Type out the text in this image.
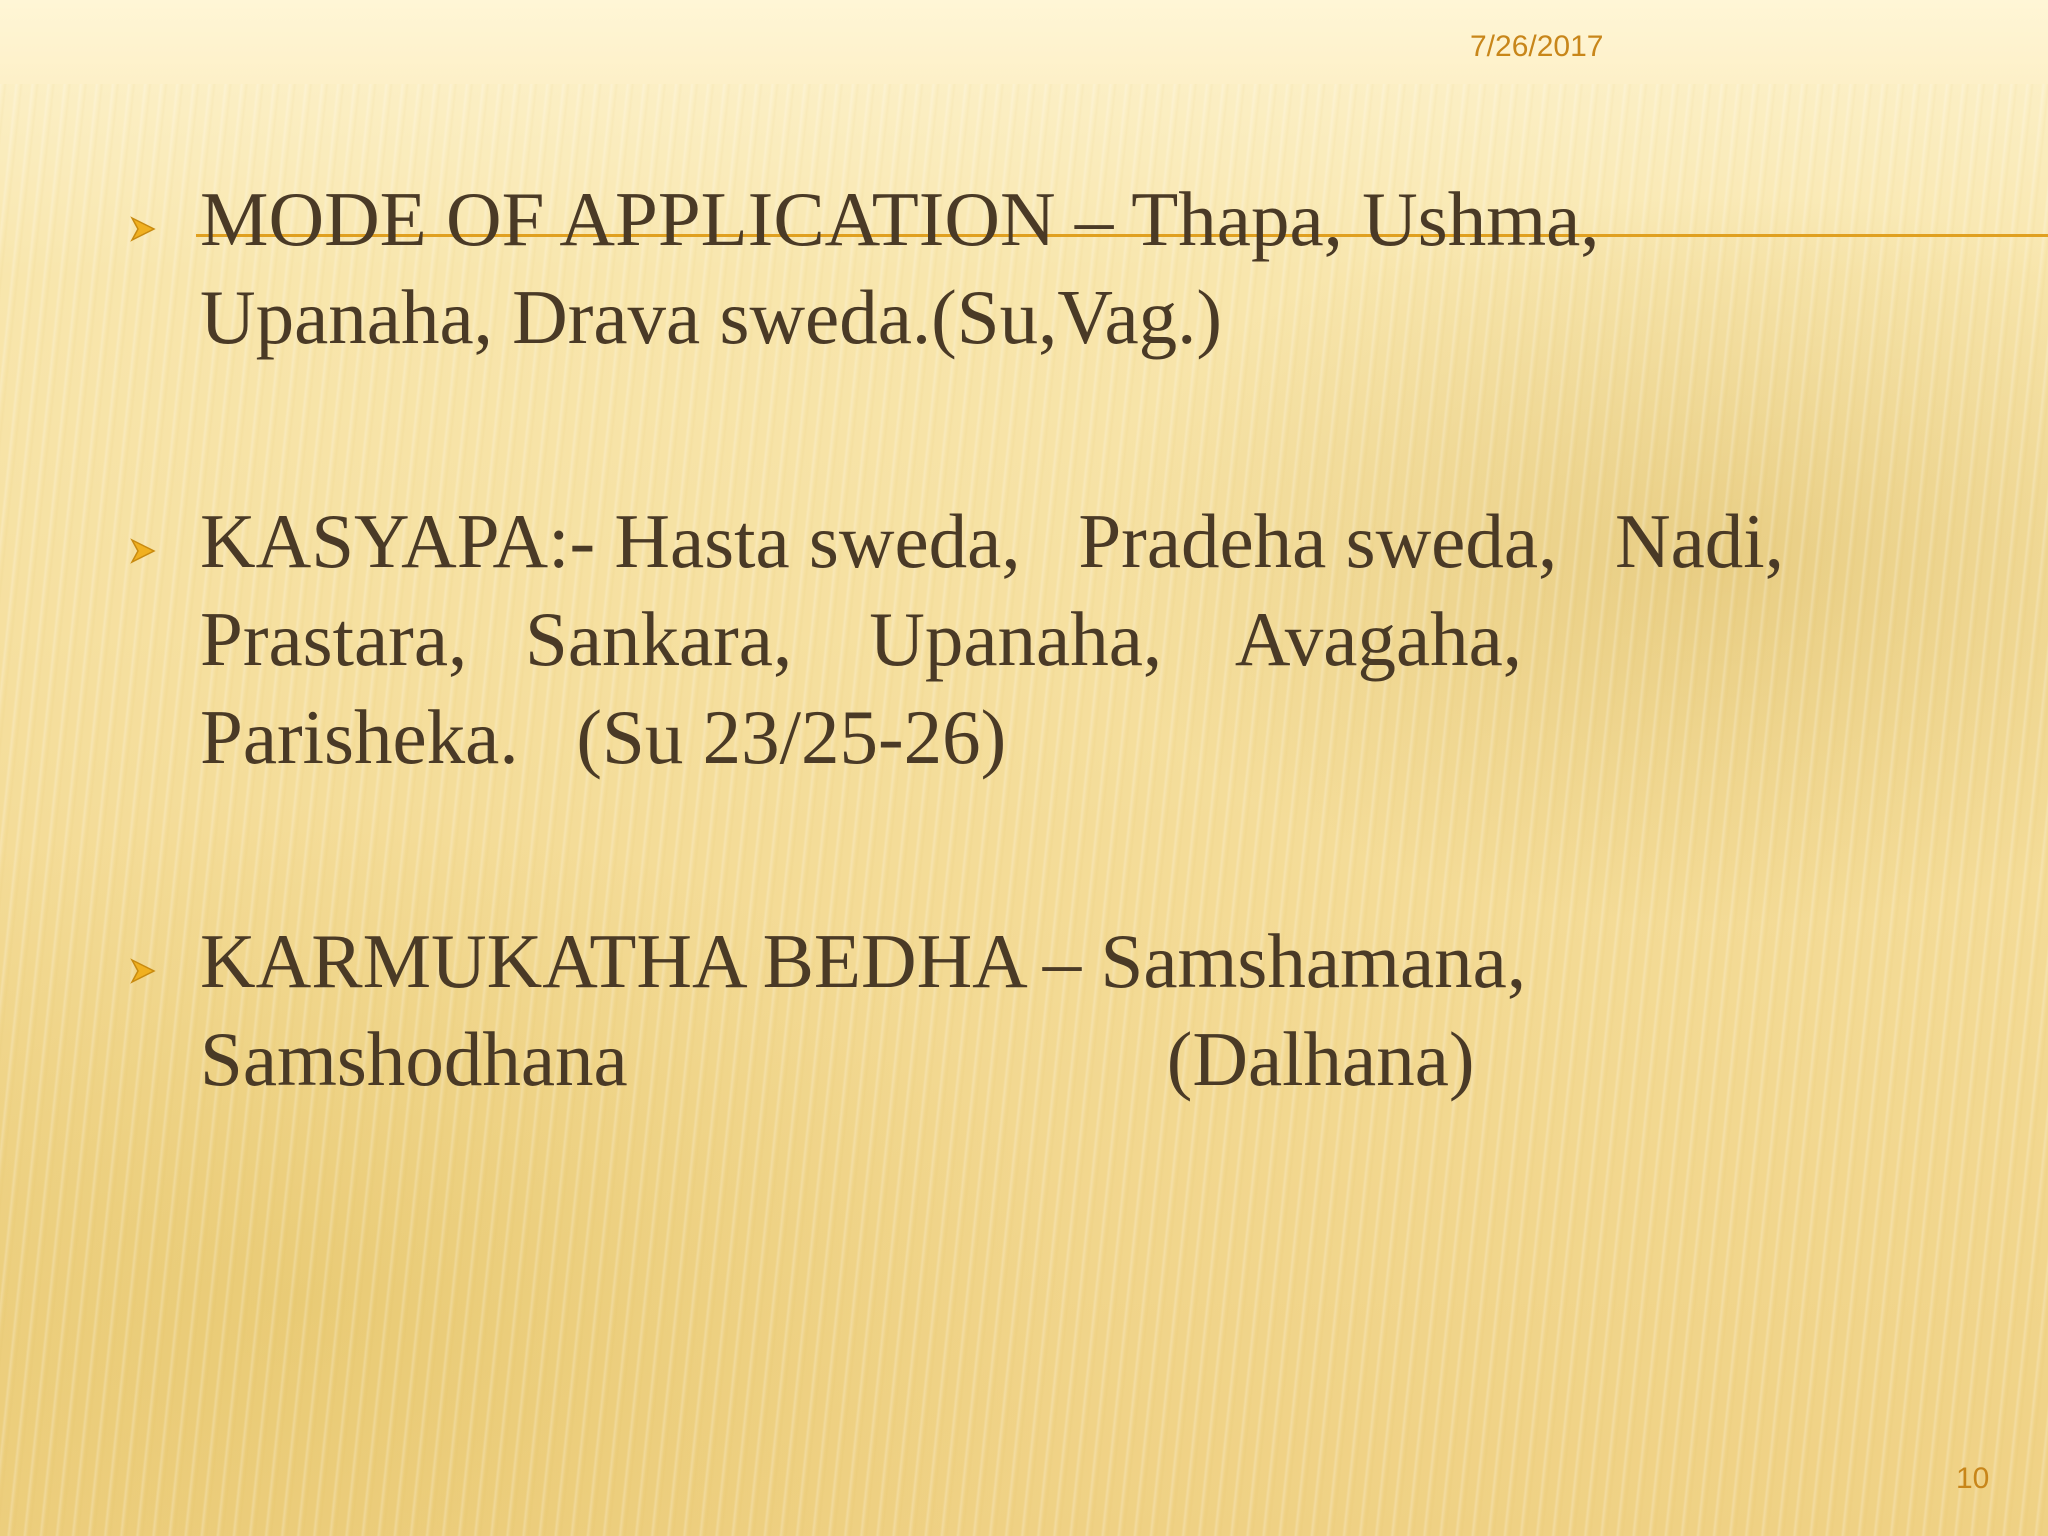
7/26/2017
MODE OF APPLICATION – Thapa, Ushma,
Upanaha, Drava sweda.(Su,Vag.)
KASYAPA:- Hasta sweda,   Pradeha sweda,   Nadi,
Prastara,   Sankara,    Upanaha,    Avagaha,
Parisheka.   (Su 23/25-26)
KARMUKATHA BEDHA – Samshamana,
Samshodhana                            (Dalhana)
10
